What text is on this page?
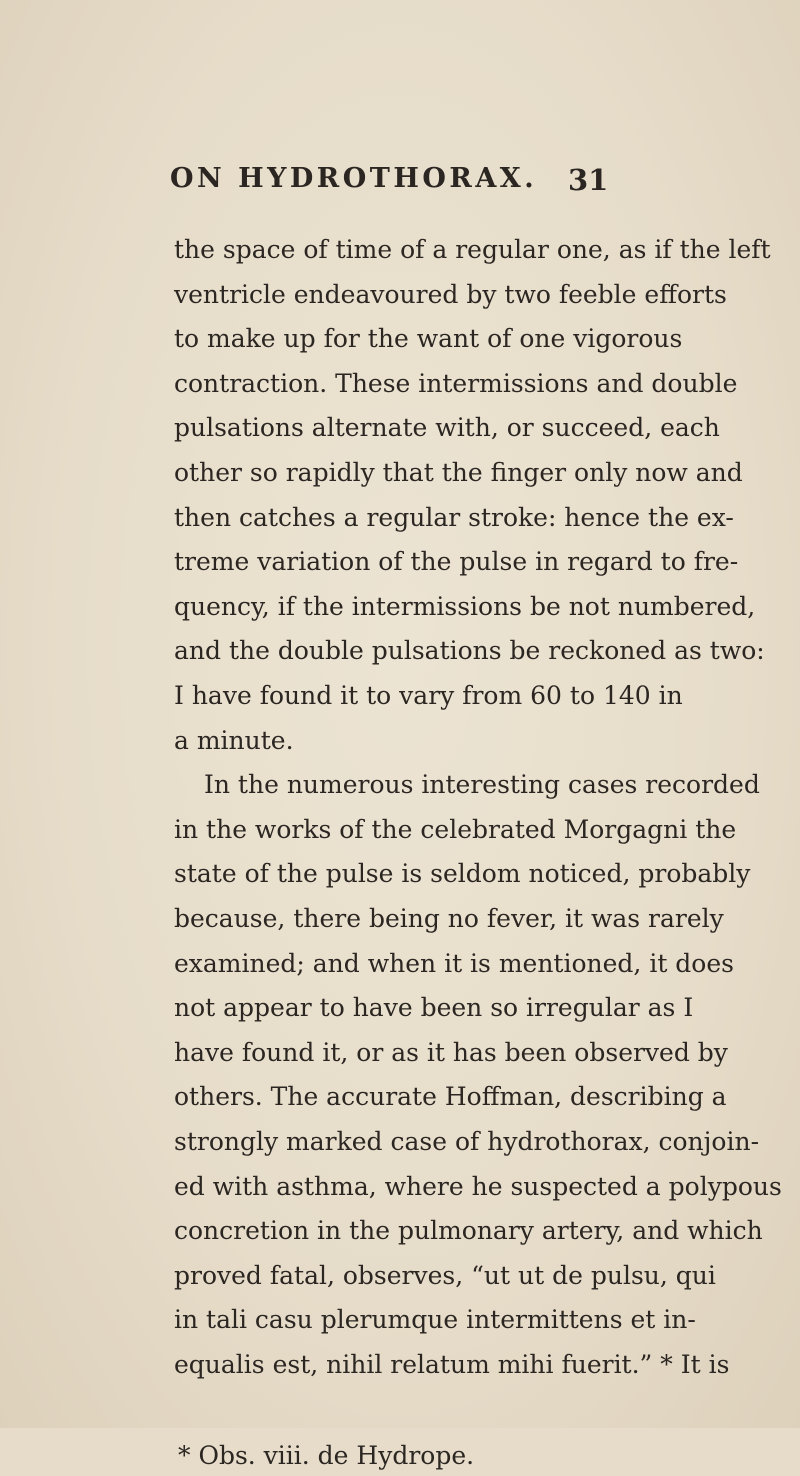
ON HYDROTHORAX. 31
the space of time of a regular one, as if the left
ventricle endeavoured by two feeble efforts
to make up for the want of one vigorous
contraction. These intermissions and double
pulsations alternate with, or succeed, each
other so rapidly that the finger only now and
then catches a regular stroke: hence the ex-
treme variation of the pulse in regard to fre-
quency, if the intermissions be not numbered,
and the double pulsations be reckoned as two:
I have found it to vary from 60 to 140 in
a minute.
In the numerous interesting cases recorded
in the works of the celebrated Morgagni the
state of the pulse is seldom noticed, probably
because, there being no fever, it was rarely
examined; and when it is mentioned, it does
not appear to have been so irregular as I
have found it, or as it has been observed by
others. The accurate Hoffman, describing a
strongly marked case of hydrothorax, conjoin-
ed with asthma, where he suspected a polypous
concretion in the pulmonary artery, and which
proved fatal, observes, “ut ut de pulsu, qui
in tali casu plerumque intermittens et in-
equalis est, nihil relatum mihi fuerit.” * It is
* Obs. viii. de Hydrope.
